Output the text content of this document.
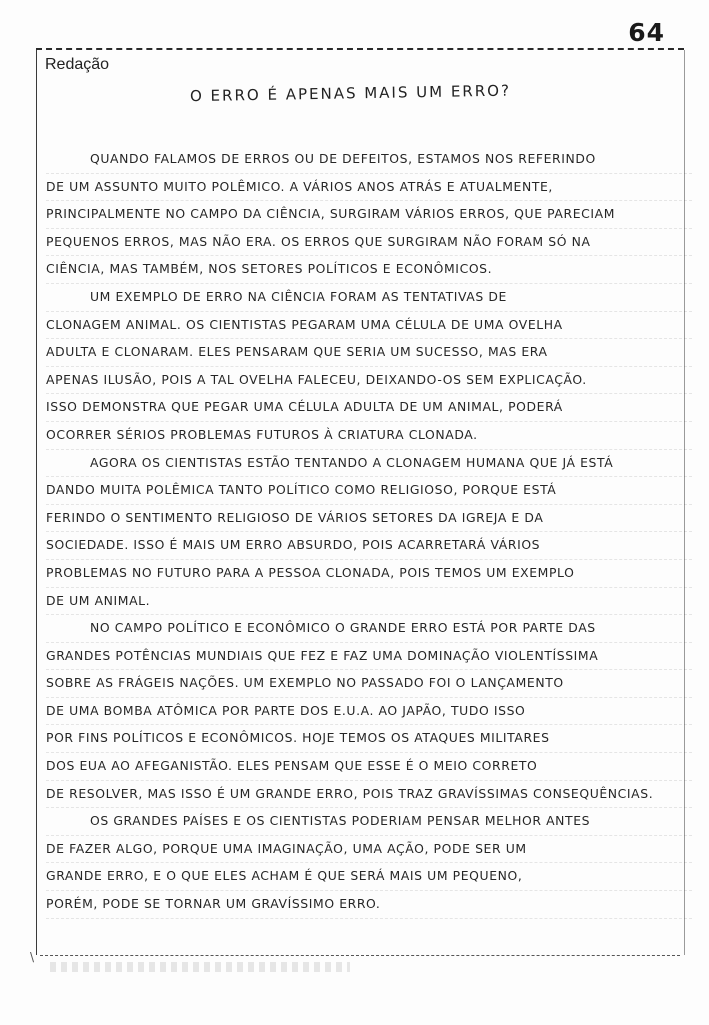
64
Redação
O ERRO É APENAS MAIS UM ERRO?
QUANDO FALAMOS DE ERROS OU DE DEFEITOS, ESTAMOS NOS REFERINDO
DE UM ASSUNTO MUITO POLÊMICO. A VÁRIOS ANOS ATRÁS E ATUALMENTE,
PRINCIPALMENTE NO CAMPO DA CIÊNCIA, SURGIRAM VÁRIOS ERROS, QUE PARECIAM
PEQUENOS ERROS, MAS NÃO ERA. OS ERROS QUE SURGIRAM NÃO FORAM SÓ NA
CIÊNCIA, MAS TAMBÉM, NOS SETORES POLÍTICOS E ECONÔMICOS.
UM EXEMPLO DE ERRO NA CIÊNCIA FORAM AS TENTATIVAS DE
CLONAGEM ANIMAL. OS CIENTISTAS PEGARAM UMA CÉLULA DE UMA OVELHA
ADULTA E CLONARAM. ELES PENSARAM QUE SERIA UM SUCESSO, MAS ERA
APENAS ILUSÃO, POIS A TAL OVELHA FALECEU, DEIXANDO-OS SEM EXPLICAÇÃO.
ISSO DEMONSTRA QUE PEGAR UMA CÉLULA ADULTA DE UM ANIMAL, PODERÁ
OCORRER SÉRIOS PROBLEMAS FUTUROS À CRIATURA CLONADA.
AGORA OS CIENTISTAS ESTÃO TENTANDO A CLONAGEM HUMANA QUE JÁ ESTÁ
DANDO MUITA POLÊMICA TANTO POLÍTICO COMO RELIGIOSO, PORQUE ESTÁ
FERINDO O SENTIMENTO RELIGIOSO DE VÁRIOS SETORES DA IGREJA E DA
SOCIEDADE. ISSO É MAIS UM ERRO ABSURDO, POIS ACARRETARÁ VÁRIOS
PROBLEMAS NO FUTURO PARA A PESSOA CLONADA, POIS TEMOS UM EXEMPLO
DE UM ANIMAL.
NO CAMPO POLÍTICO E ECONÔMICO O GRANDE ERRO ESTÁ POR PARTE DAS
GRANDES POTÊNCIAS MUNDIAIS QUE FEZ E FAZ UMA DOMINAÇÃO VIOLENTÍSSIMA
SOBRE AS FRÁGEIS NAÇÕES. UM EXEMPLO NO PASSADO FOI O LANÇAMENTO
DE UMA BOMBA ATÔMICA POR PARTE DOS E.U.A. AO JAPÃO, TUDO ISSO
POR FINS POLÍTICOS E ECONÔMICOS. HOJE TEMOS OS ATAQUES MILITARES
DOS EUA AO AFEGANISTÃO. ELES PENSAM QUE ESSE É O MEIO CORRETO
DE RESOLVER, MAS ISSO É UM GRANDE ERRO, POIS TRAZ GRAVÍSSIMAS CONSEQUÊNCIAS.
OS GRANDES PAÍSES E OS CIENTISTAS PODERIAM PENSAR MELHOR ANTES
DE FAZER ALGO, PORQUE UMA IMAGINAÇÃO, UMA AÇÃO, PODE SER UM
GRANDE ERRO, E O QUE ELES ACHAM É QUE SERÁ MAIS UM PEQUENO,
PORÉM, PODE SE TORNAR UM GRAVÍSSIMO ERRO.
\
